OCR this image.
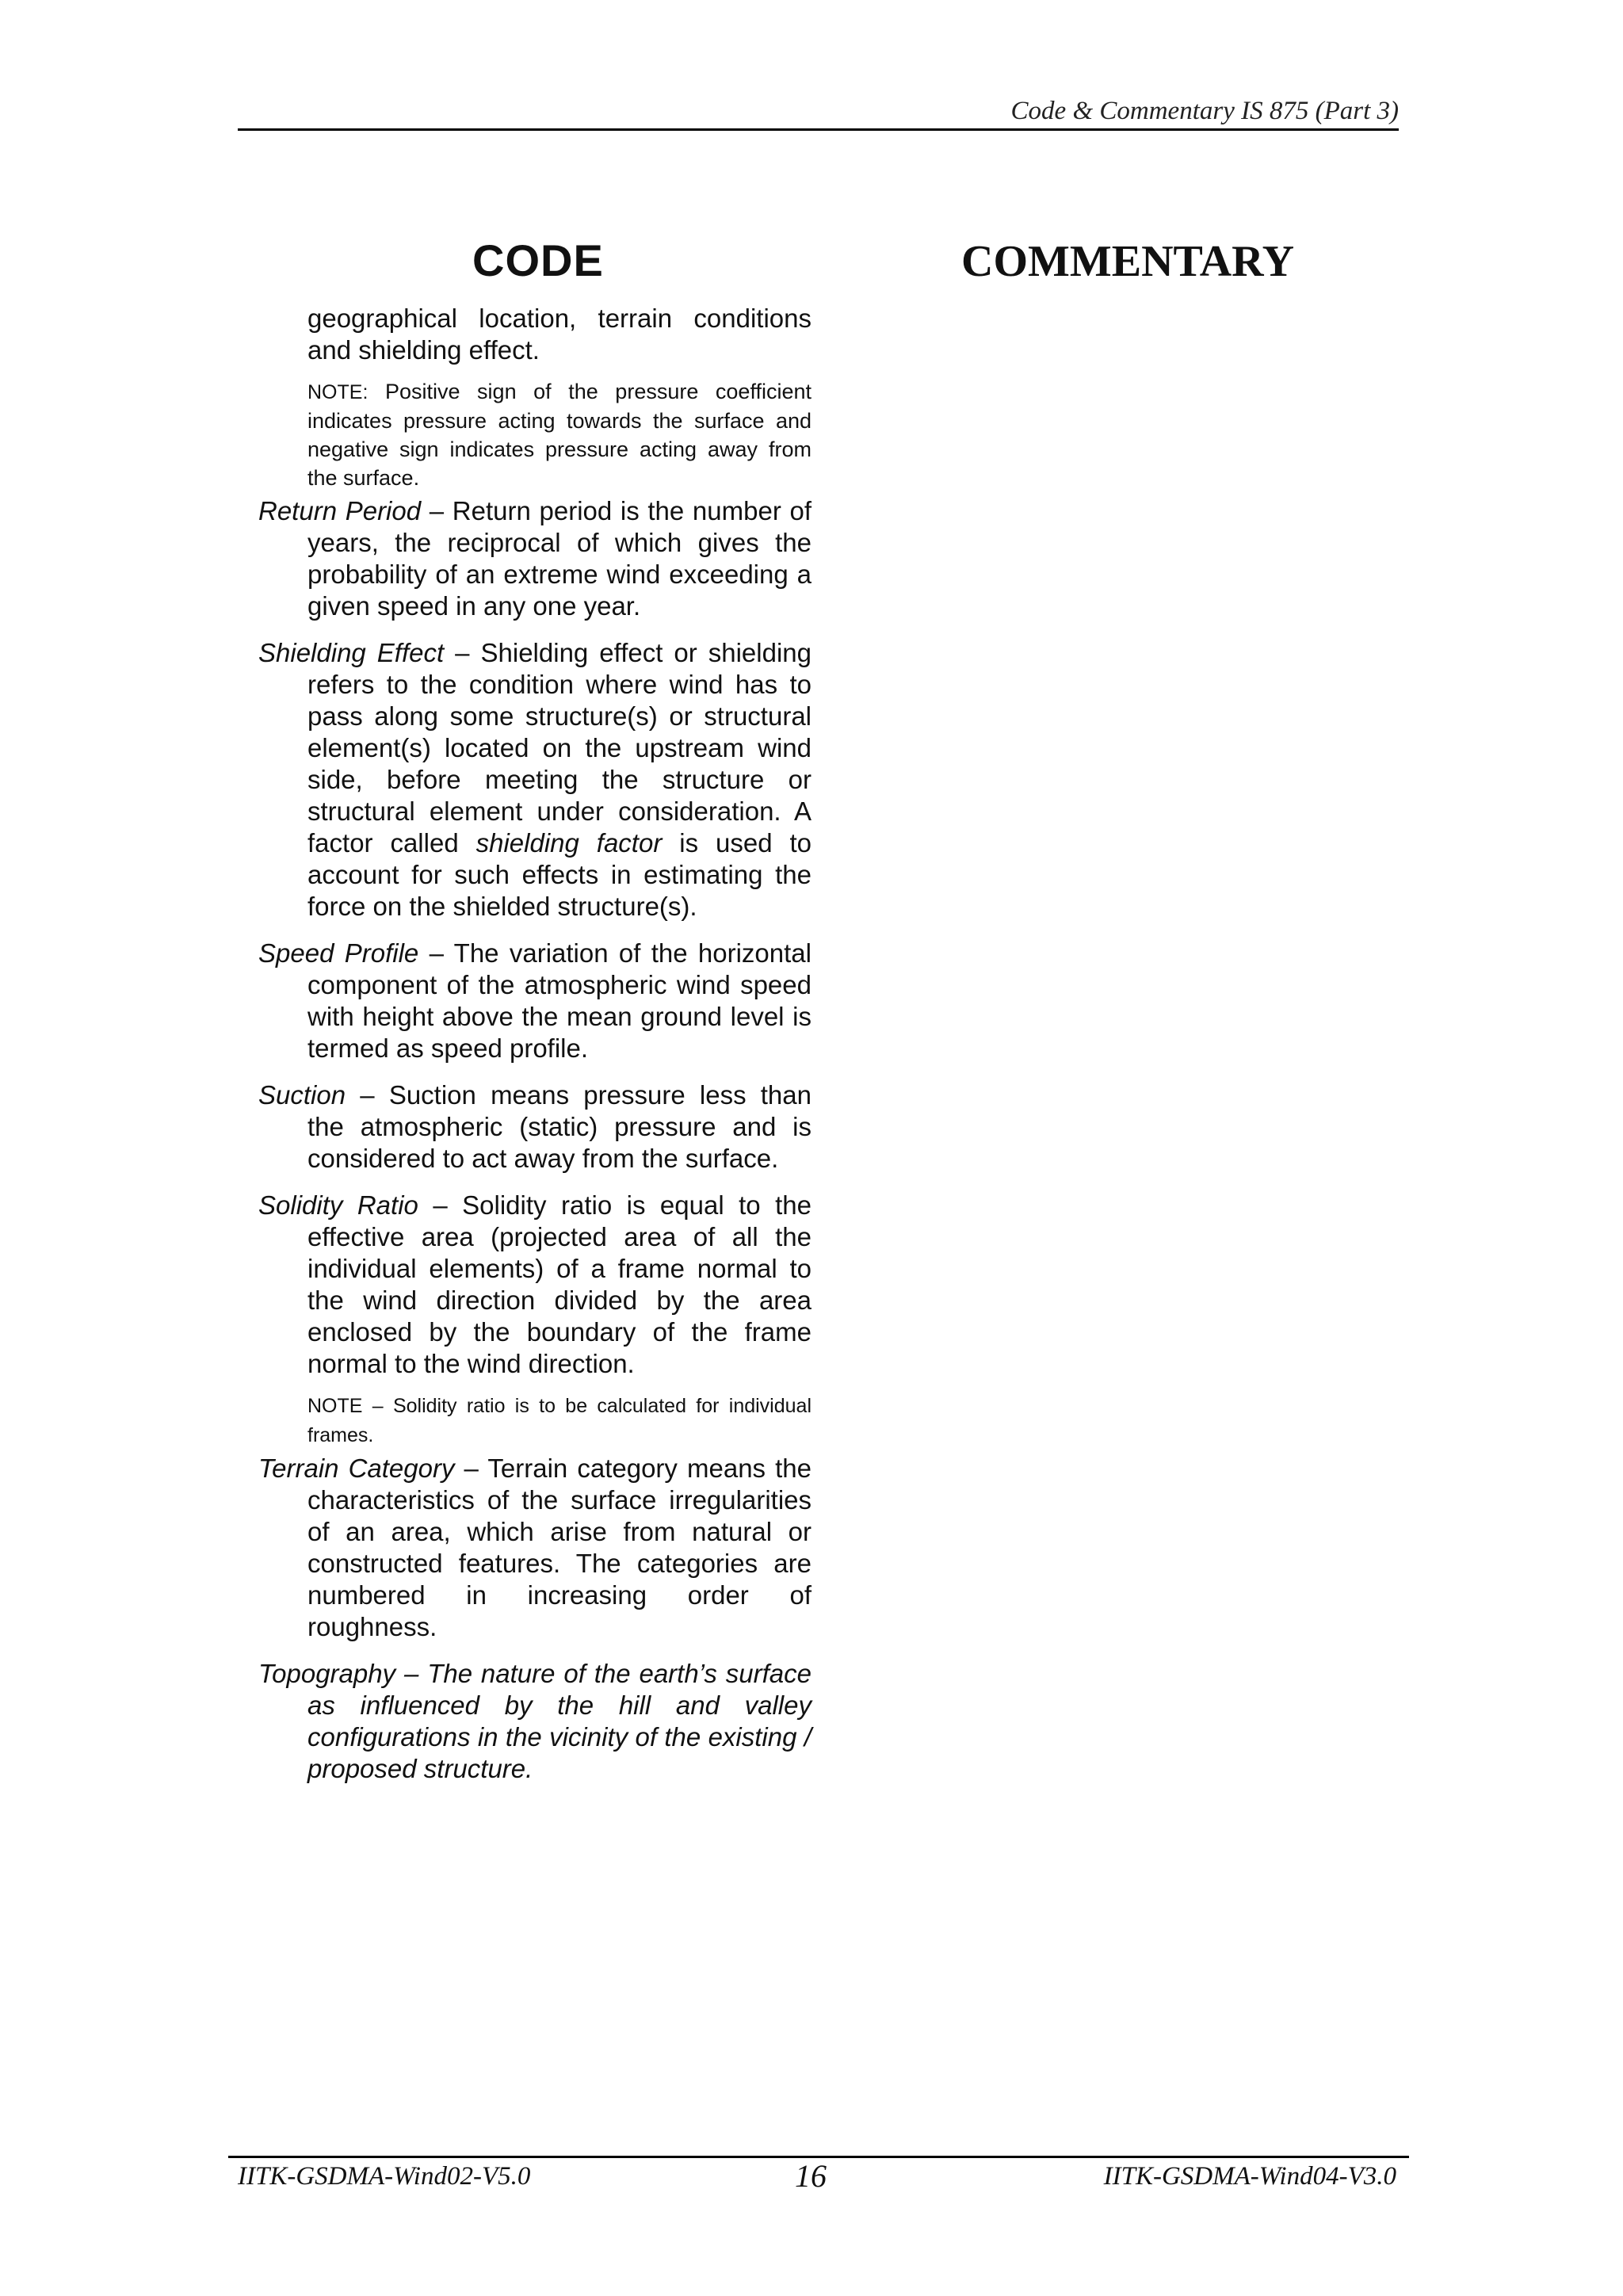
Code & Commentary IS 875 (Part 3)
CODE	COMMENTARY

geographical location, terrain conditions and shielding effect.

NOTE: Positive sign of the pressure coefficient indicates pressure acting towards the surface and negative sign indicates pressure acting away from the surface.

Return Period – Return period is the number of years, the reciprocal of which gives the probability of an extreme wind exceeding a given speed in any one year.

Shielding Effect – Shielding effect or shielding refers to the condition where wind has to pass along some structure(s) or structural element(s) located on the upstream wind side, before meeting the structure or structural element under consideration. A factor called shielding factor is used to account for such effects in estimating the force on the shielded structure(s).

Speed Profile – The variation of the horizontal component of the atmospheric wind speed with height above the mean ground level is termed as speed profile.

Suction – Suction means pressure less than the atmospheric (static) pressure and is considered to act away from the surface.

Solidity Ratio – Solidity ratio is equal to the effective area (projected area of all the individual elements) of a frame normal to the wind direction divided by the area enclosed by the boundary of the frame normal to the wind direction.

NOTE – Solidity ratio is to be calculated for individual frames.

Terrain Category – Terrain category means the characteristics of the surface irregularities of an area, which arise from natural or constructed features. The categories are numbered in increasing order of roughness.

Topography – The nature of the earth’s surface as influenced by the hill and valley configurations in the vicinity of the existing / proposed structure.

IITK-GSDMA-Wind02-V5.0	16	IITK-GSDMA-Wind04-V3.0
